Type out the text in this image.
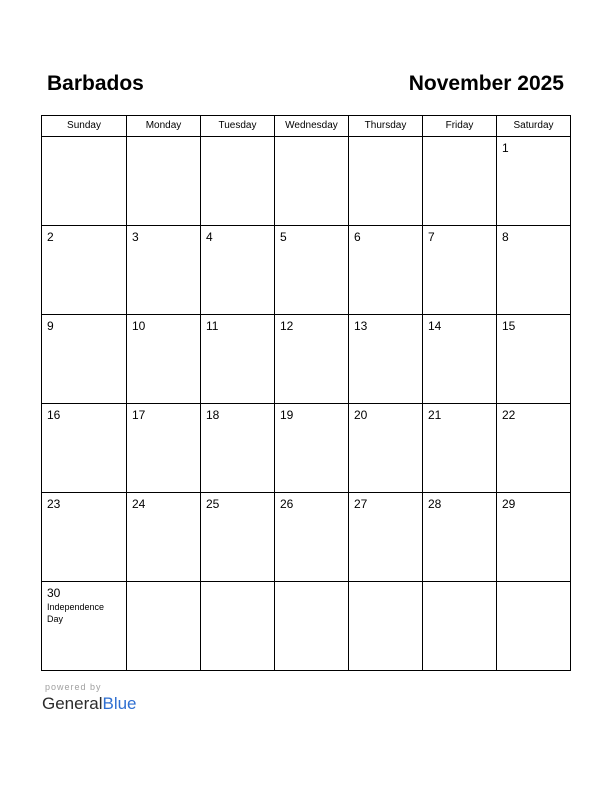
Barbados	November 2025
Sunday	Monday	Tuesday	Wednesday	Thursday	Friday	Saturday

						1

2	3	4	5	6	7	8

9	10	11	12	13	14	15

16	17	18	19	20	21	22

23	24	25	26	27	28	29

30
Independence Day						

powered by
GeneralBlue
